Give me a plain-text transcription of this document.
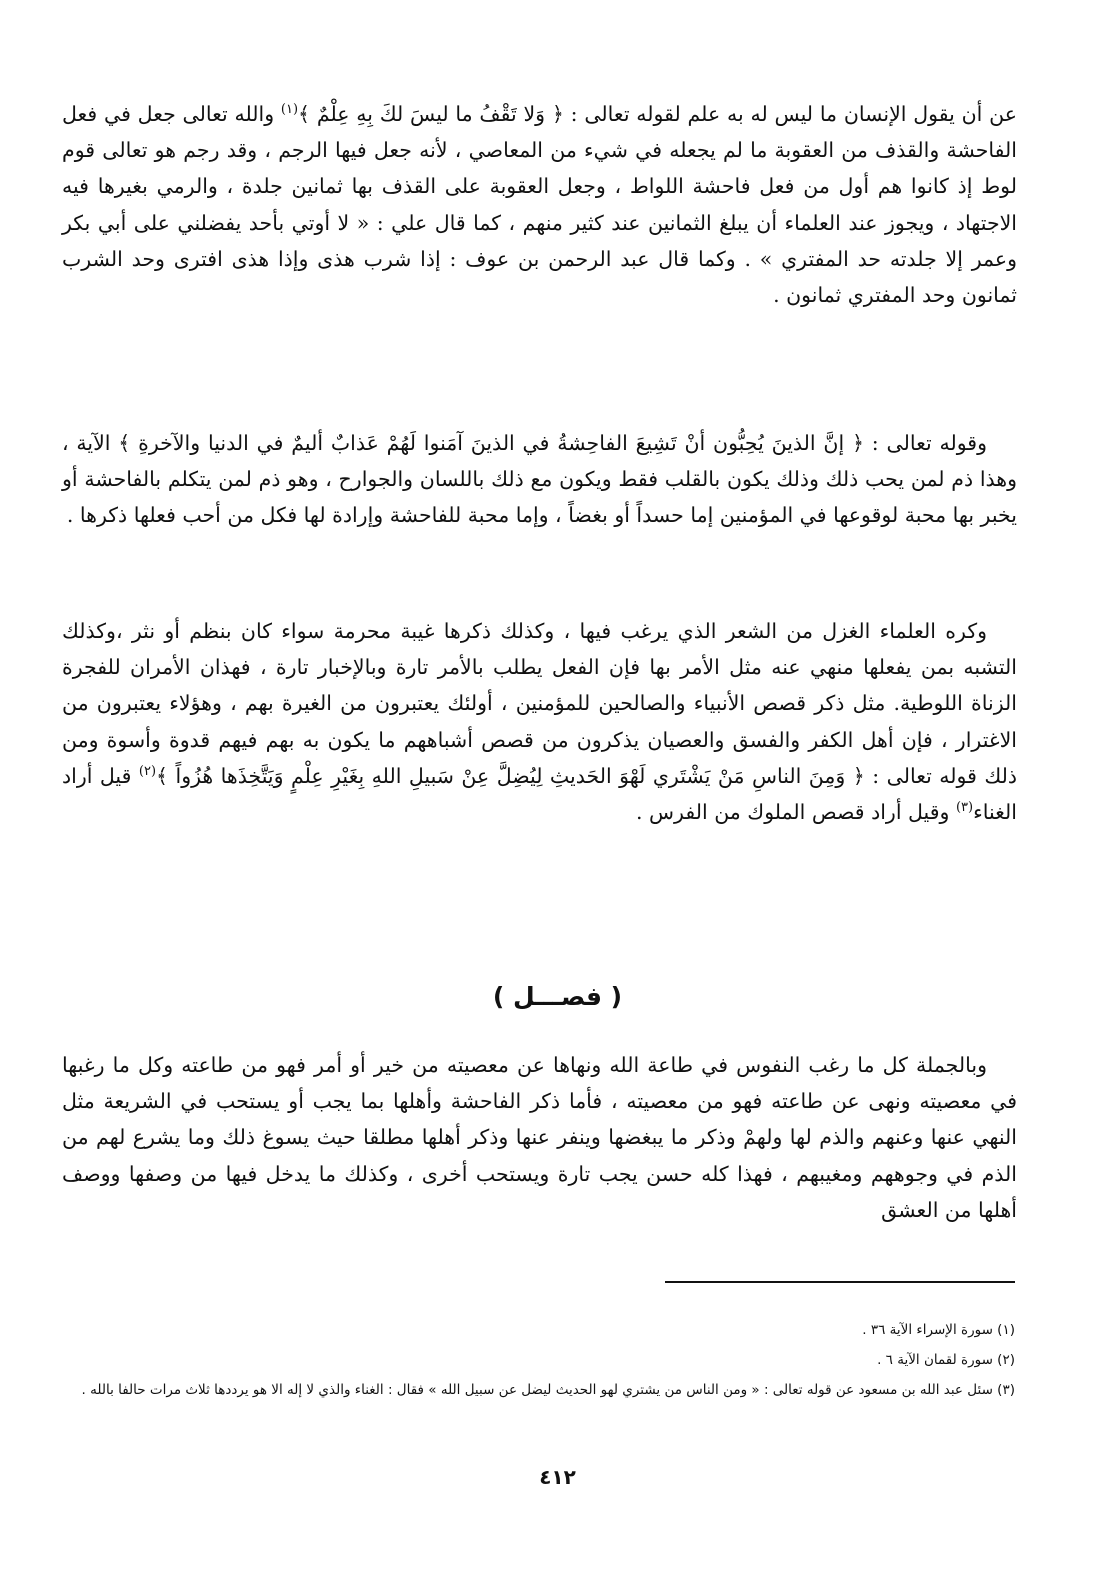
عن أن يقول الإنسان ما ليس له به علم لقوله تعالى : ﴿ وَلا تَقْفُ ما ليسَ لكَ بِهِ عِلْمٌ ﴾$^{(١)}$ والله تعالى جعل في فعل الفاحشة والقذف من العقوبة ما لم يجعله في شيء من المعاصي ، لأنه جعل فيها الرجم ، وقد رجم هو تعالى قوم لوط إذ كانوا هم أول من فعل فاحشة اللواط ، وجعل العقوبة على القذف بها ثمانين جلدة ، والرمي بغيرها فيه الاجتهاد ، ويجوز عند العلماء أن يبلغ الثمانين عند كثير منهم ، كما قال علي : « لا أوتي بأحد يفضلني على أبي بكر وعمر إلا جلدته حد المفتري » . وكما قال عبد الرحمن بن عوف : إذا شرب هذى وإذا هذى افترى وحد الشرب ثمانون وحد المفتري ثمانون .

وقوله تعالى : ﴿ إنَّ الذينَ يُحِبُّون أنْ تَشِيعَ الفاحِشةُ في الذينَ آمَنوا لَهُمْ عَذابٌ أليمٌ في الدنيا والآخرةِ ﴾ الآية ، وهذا ذم لمن يحب ذلك وذلك يكون بالقلب فقط ويكون مع ذلك باللسان والجوارح ، وهو ذم لمن يتكلم بالفاحشة أو يخبر بها محبة لوقوعها في المؤمنين إما حسداً أو بغضاً ، وإما محبة للفاحشة وإرادة لها فكل من أحب فعلها ذكرها .

وكره العلماء الغزل من الشعر الذي يرغب فيها ، وكذلك ذكرها غيبة محرمة سواء كان بنظم أو نثر ،وكذلك التشبه بمن يفعلها منهي عنه مثل الأمر بها فإن الفعل يطلب بالأمر تارة وبالإخبار تارة ، فهذان الأمران للفجرة الزناة اللوطية. مثل ذكر قصص الأنبياء والصالحين للمؤمنين ، أولئك يعتبرون من الغيرة بهم ، وهؤلاء يعتبرون من الاغترار ، فإن أهل الكفر والفسق والعصيان يذكرون من قصص أشباههم ما يكون به بهم فيهم قدوة وأسوة ومن ذلك قوله تعالى : ﴿ وَمِنَ الناسِ مَنْ يَشْتَري لَهْوَ الحَديثِ لِيُضِلَّ عِنْ سَبيلِ اللهِ بِغَيْرِ عِلْمٍ وَيَتَّخِذَها هُزُواً ﴾$^{(٢)}$ قيل أراد الغناء$^{(٣)}$ وقيل أراد قصص الملوك من الفرس .

( فصـــل )

وبالجملة كل ما رغب النفوس في طاعة الله ونهاها عن معصيته من خير أو أمر فهو من طاعته وكل ما رغبها في معصيته ونهى عن طاعته فهو من معصيته ، فأما ذكر الفاحشة وأهلها بما يجب أو يستحب في الشريعة مثل النهي عنها وعنهم والذم لها ولهمْ وذكر ما يبغضها وينفر عنها وذكر أهلها مطلقا حيث يسوغ ذلك وما يشرع لهم من الذم في وجوههم ومغيبهم ، فهذا كله حسن يجب تارة ويستحب أخرى ، وكذلك ما يدخل فيها من وصفها ووصف أهلها من العشق

(١) سورة الإسراء الآية ٣٦ .
(٢) سورة لقمان الآية ٦ .
(٣) سئل عبد الله بن مسعود عن قوله تعالى : « ومن الناس من يشتري لهو الحديث ليضل عن سبيل الله » فقال : الغناء والذي لا إله الا هو يرددها ثلاث مرات حالفا بالله .
٤١٢
